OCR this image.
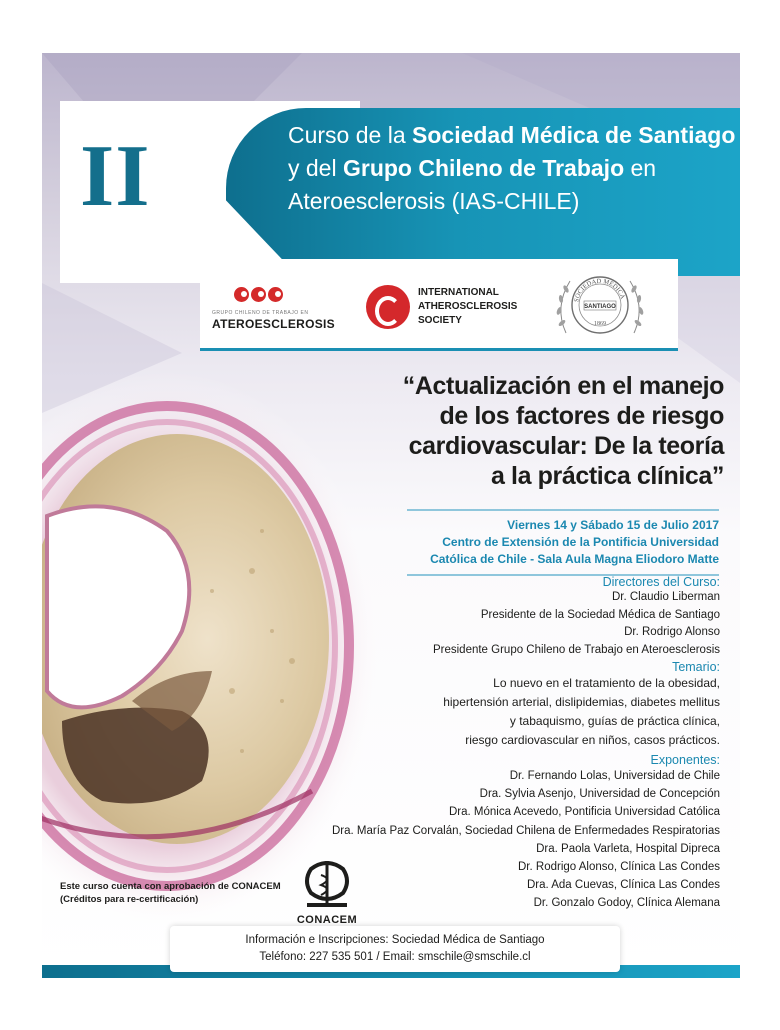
II	Curso de la Sociedad Médica de Santiago
y del Grupo Chileno de Trabajo en
Ateroesclerosis (IAS-CHILE)
GRUPO CHILENO DE TRABAJO EN
ATEROESCLEROSIS
INTERNATIONAL
ATHEROSCLEROSIS
SOCIETY
SOCIEDAD MÉDICA
SANTIAGO
1869
“Actualización en el manejo
de los factores de riesgo
cardiovascular: De la teoría
a la práctica clínica”
Viernes 14 y Sábado 15 de Julio 2017
Centro de Extensión de la Pontificia Universidad
Católica de Chile - Sala Aula Magna Eliodoro Matte
Directores del Curso:
Dr. Claudio Liberman
Presidente de la Sociedad Médica de Santiago
Dr. Rodrigo Alonso
Presidente Grupo Chileno de Trabajo en Ateroesclerosis
Temario:
Lo nuevo en el tratamiento de la obesidad,
hipertensión arterial, dislipidemias, diabetes mellitus
y tabaquismo, guías de práctica clínica,
riesgo cardiovascular en niños, casos prácticos.
Exponentes:
Dr. Fernando Lolas, Universidad de Chile
Dra. Sylvia Asenjo, Universidad de Concepción
Dra. Mónica Acevedo, Pontificia Universidad Católica
Dra. María Paz Corvalán, Sociedad Chilena de Enfermedades Respiratorias
Dra. Paola Varleta, Hospital Dipreca
Dr. Rodrigo Alonso, Clínica Las Condes
Dra. Ada Cuevas, Clínica Las Condes
Dr. Gonzalo Godoy, Clínica Alemana
Este curso cuenta con aprobación de CONACEM
(Créditos para re-certificación)
CONACEM
Información e Inscripciones: Sociedad Médica de Santiago
Teléfono: 227 535 501 / Email: smschile@smschile.cl
